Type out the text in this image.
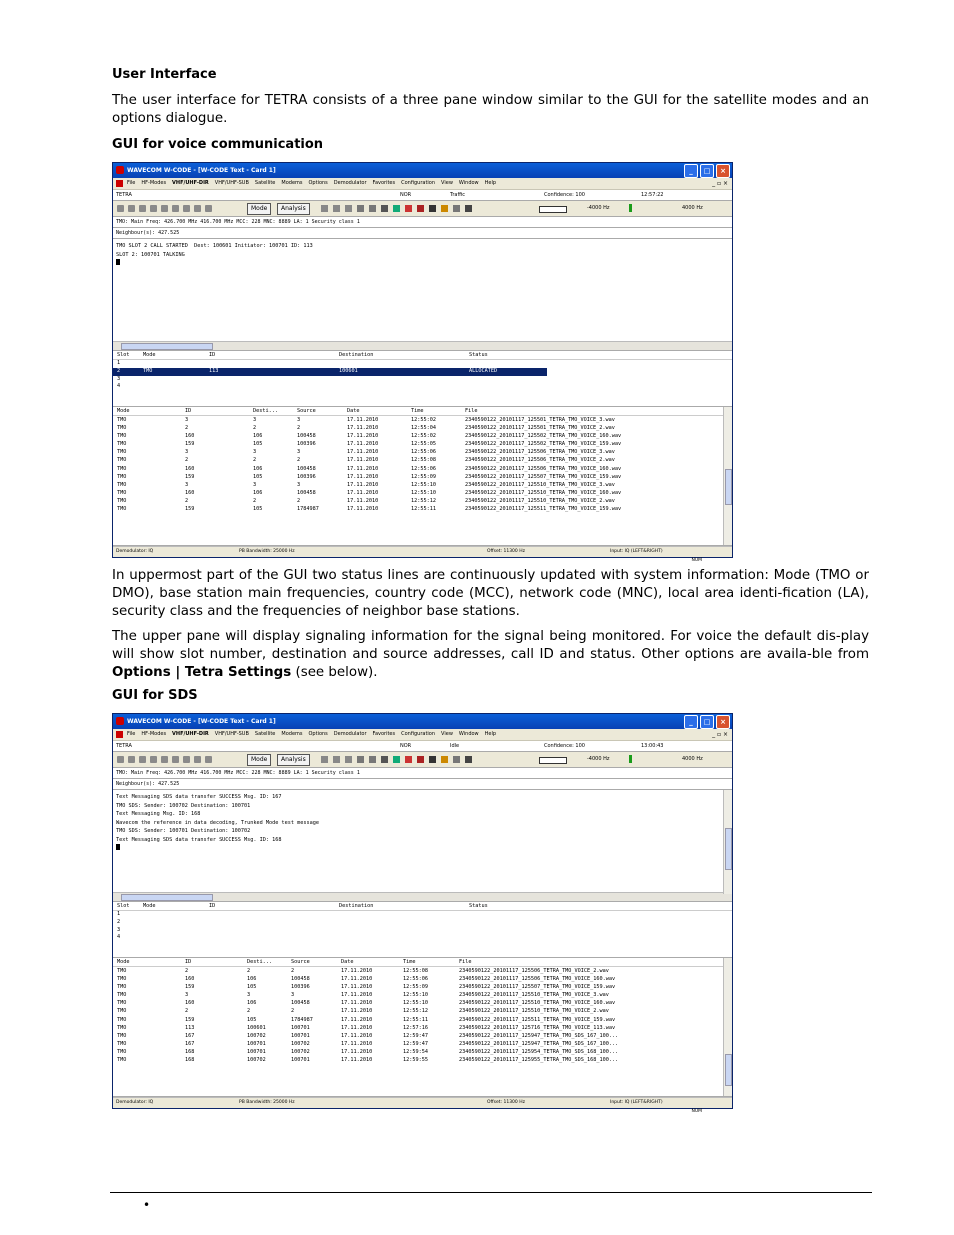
User Interface
The user interface for TETRA consists of a three pane window similar to the GUI for the satellite modes and an options dialogue.
GUI for voice communication
In uppermost part of the GUI two status lines are continuously updated with system information: Mode (TMO or DMO), base station main frequencies, country code (MCC), network code (MNC), local area identi-fication (LA), security class and the frequencies of neighbor base stations.
The upper pane will display signaling information for the signal being monitored. For voice the default dis-play will show slot number, destination and source addresses, call ID and status. Other options are availa-ble from Options | Tetra Settings (see below).
GUI for SDS
•
WAVECOM W-CODE - [W-CODE Text - Card 1]	_	□	×
File HF-Modes VHF/UHF-DIR VHF/UHF-SUB Satellite Modems Options Demodulator Favorites Configuration View Window Help	_ ▫ ×
TETRA	NOR	Traffic	Confidence: 100	12:57:22
Mode	Analysis	-4000 Hz	4000 Hz
TMO: Main Freq: 426.700 MHz 416.700 MHz MCC: 228 MNC: 8889 LA: 1 Security class 1
Neighbour(s): 427.525
TMO SLOT 2 CALL STARTED  Dest: 100601 Initiator: 100701 ID: 113
SLOT 2: 100701 TALKING
Slot	Mode	ID	Destination	Status
1
2	TMO	113	100601	ALLOCATED
3
4
Mode	ID	Desti...	Source	Date	Time	File
TMO	3	3	3	17.11.2010	12:55:02	2340590122_20101117_125501_TETRA_TMO_VOICE_3.wav
TMO	2	2	2	17.11.2010	12:55:04	2340590122_20101117_125501_TETRA_TMO_VOICE_2.wav
TMO	160	106	100458	17.11.2010	12:55:02	2340590122_20101117_125502_TETRA_TMO_VOICE_160.wav
TMO	159	105	100396	17.11.2010	12:55:05	2340590122_20101117_125502_TETRA_TMO_VOICE_159.wav
TMO	3	3	3	17.11.2010	12:55:06	2340590122_20101117_125506_TETRA_TMO_VOICE_3.wav
TMO	2	2	2	17.11.2010	12:55:08	2340590122_20101117_125506_TETRA_TMO_VOICE_2.wav
TMO	160	106	100458	17.11.2010	12:55:06	2340590122_20101117_125506_TETRA_TMO_VOICE_160.wav
TMO	159	105	100396	17.11.2010	12:55:09	2340590122_20101117_125507_TETRA_TMO_VOICE_159.wav
TMO	3	3	3	17.11.2010	12:55:10	2340590122_20101117_125510_TETRA_TMO_VOICE_3.wav
TMO	160	106	100458	17.11.2010	12:55:10	2340590122_20101117_125510_TETRA_TMO_VOICE_160.wav
TMO	2	2	2	17.11.2010	12:55:12	2340590122_20101117_125510_TETRA_TMO_VOICE_2.wav
TMO	159	105	1784987	17.11.2010	12:55:11	2340590122_20101117_125511_TETRA_TMO_VOICE_159.wav
Demodulator: IQ	PB Bandwidth: 25000 Hz	Offset: 11300 Hz	Input: IQ (LEFT&RIGHT)
NUM
WAVECOM W-CODE - [W-CODE Text - Card 1]	_	□	×
File HF-Modes VHF/UHF-DIR VHF/UHF-SUB Satellite Modems Options Demodulator Favorites Configuration View Window Help	_ ▫ ×
TETRA	NOR	Idle	Confidence: 100	13:00:43
Mode	Analysis	-4000 Hz	4000 Hz
TMO: Main Freq: 426.700 MHz 416.700 MHz MCC: 228 MNC: 8889 LA: 1 Security class 1
Neighbour(s): 427.525
Text Messaging SDS data transfer SUCCESS Msg. ID: 167
TMO SDS: Sender: 100702 Destination: 100701
Text Messaging Msg. ID: 168
Wavecom the reference in data decoding, Trunked Mode test message
TMO SDS: Sender: 100701 Destination: 100702
Text Messaging SDS data transfer SUCCESS Msg. ID: 168
Slot	Mode	ID	Destination	Status
1
2
3
4
Mode	ID	Desti...	Source	Date	Time	File
TMO	2	2	2	17.11.2010	12:55:08	2340590122_20101117_125506_TETRA_TMO_VOICE_2.wav
TMO	160	106	100458	17.11.2010	12:55:06	2340590122_20101117_125506_TETRA_TMO_VOICE_160.wav
TMO	159	105	100396	17.11.2010	12:55:09	2340590122_20101117_125507_TETRA_TMO_VOICE_159.wav
TMO	3	3	3	17.11.2010	12:55:10	2340590122_20101117_125510_TETRA_TMO_VOICE_3.wav
TMO	160	106	100458	17.11.2010	12:55:10	2340590122_20101117_125510_TETRA_TMO_VOICE_160.wav
TMO	2	2	2	17.11.2010	12:55:12	2340590122_20101117_125510_TETRA_TMO_VOICE_2.wav
TMO	159	105	1784987	17.11.2010	12:55:11	2340590122_20101117_125511_TETRA_TMO_VOICE_159.wav
TMO	113	100601	100701	17.11.2010	12:57:16	2340590122_20101117_125716_TETRA_TMO_VOICE_113.wav
TMO	167	100702	100701	17.11.2010	12:59:47	2340590122_20101117_125947_TETRA_TMO_SDS_167_100...
TMO	167	100701	100702	17.11.2010	12:59:47	2340590122_20101117_125947_TETRA_TMO_SDS_167_100...
TMO	168	100701	100702	17.11.2010	12:59:54	2340590122_20101117_125954_TETRA_TMO_SDS_168_100...
TMO	168	100702	100701	17.11.2010	12:59:55	2340590122_20101117_125955_TETRA_TMO_SDS_168_100...
Demodulator: IQ	PB Bandwidth: 25000 Hz	Offset: 11300 Hz	Input: IQ (LEFT&RIGHT)
NUM
